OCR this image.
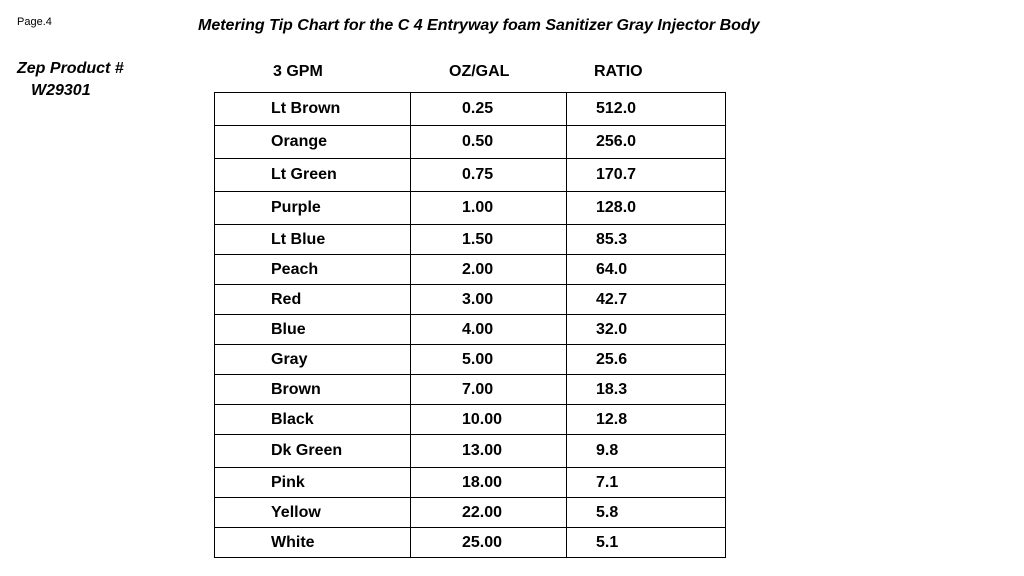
Page.4	Metering Tip Chart for the C 4 Entryway foam Sanitizer Gray Injector Body
Zep Product #
W29301
3 GPM	OZ/GAL	RATIO
Lt Brown	0.25	512.0
Orange	0.50	256.0
Lt Green	0.75	170.7
Purple	1.00	128.0
Lt Blue	1.50	85.3
Peach	2.00	64.0
Red	3.00	42.7
Blue	4.00	32.0
Gray	5.00	25.6
Brown	7.00	18.3
Black	10.00	12.8
Dk Green	13.00	9.8
Pink	18.00	7.1
Yellow	22.00	5.8
White	25.00	5.1
